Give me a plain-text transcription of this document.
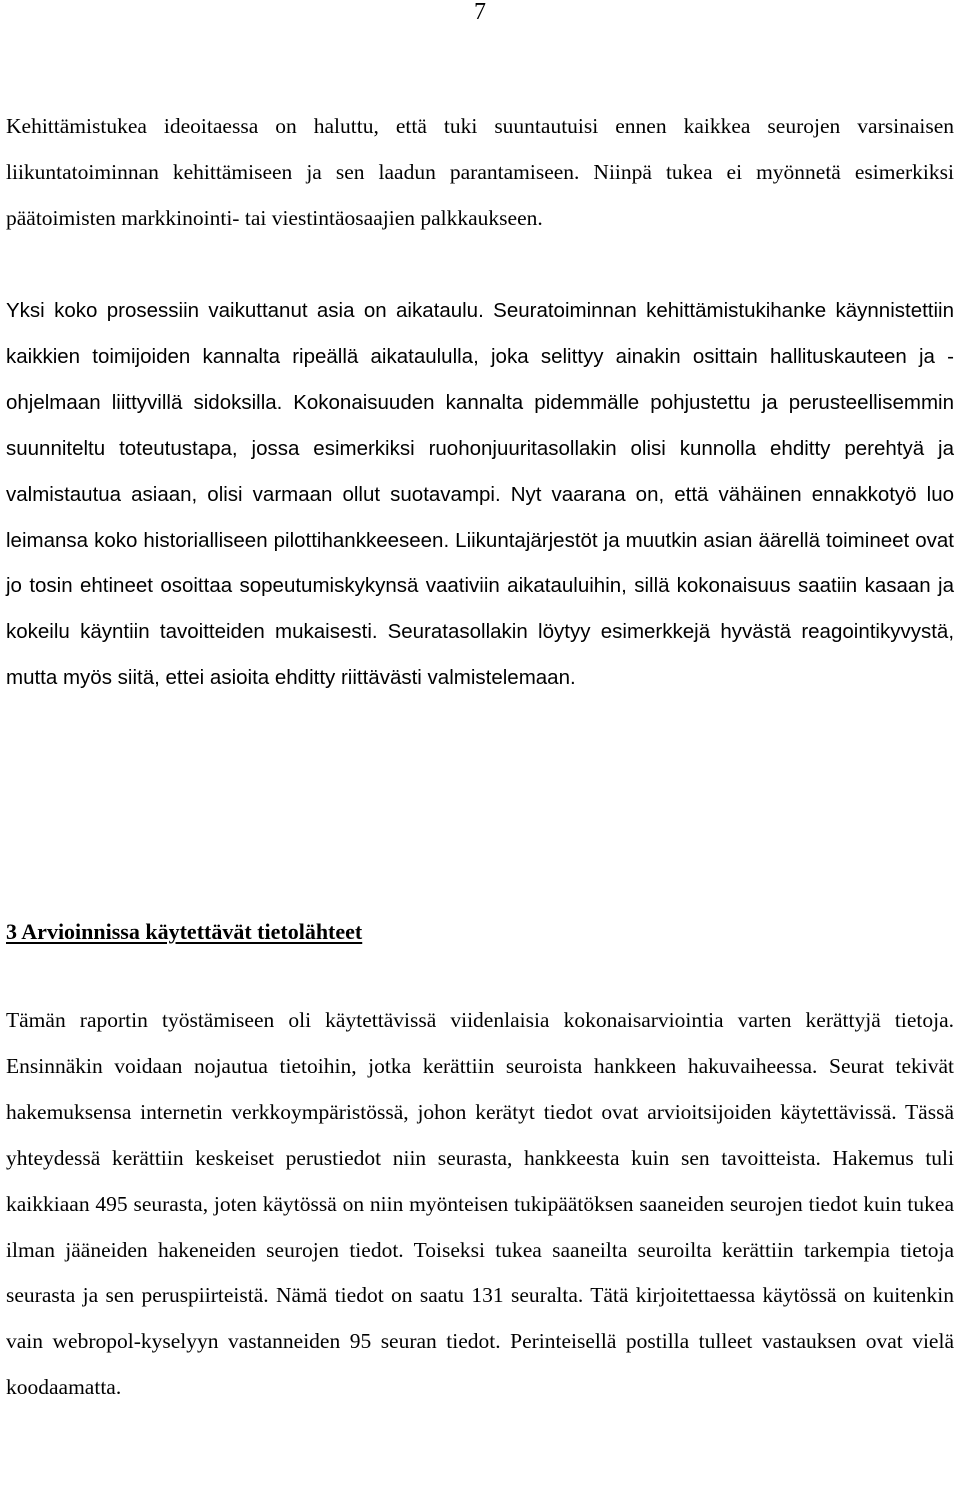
7

Kehittämistukea ideoitaessa on haluttu, että tuki suuntautuisi ennen kaikkea seurojen varsinaisen liikuntatoiminnan kehittämiseen ja sen laadun parantamiseen. Niinpä tukea ei myönnetä esimerkiksi päätoimisten markkinointi- tai viestintäosaajien palkkaukseen.

Yksi koko prosessiin vaikuttanut asia on aikataulu. Seuratoiminnan kehittämistukihanke käynnistettiin kaikkien toimijoiden kannalta ripeällä aikataululla, joka selittyy ainakin osittain hallituskauteen ja -ohjelmaan liittyvillä sidoksilla. Kokonaisuuden kannalta pidemmälle pohjustettu ja perusteellisemmin suunniteltu toteutustapa, jossa esimerkiksi ruohonjuuritasollakin olisi kunnolla ehditty perehtyä ja valmistautua asiaan, olisi varmaan ollut suotavampi. Nyt vaarana on, että vähäinen ennakkotyö luo leimansa koko historialliseen pilottihankkeeseen. Liikuntajärjestöt ja muutkin asian äärellä toimineet ovat jo tosin ehtineet osoittaa sopeutumiskykynsä vaativiin aikatauluihin, sillä kokonaisuus saatiin kasaan ja kokeilu käyntiin tavoitteiden mukaisesti. Seuratasollakin löytyy esimerkkejä hyvästä reagointikyvystä, mutta myös siitä, ettei asioita ehditty riittävästi valmistelemaan.

3 Arvioinnissa käytettävät tietolähteet

Tämän raportin työstämiseen oli käytettävissä viidenlaisia kokonaisarviointia varten kerättyjä tietoja. Ensinnäkin voidaan nojautua tietoihin, jotka kerättiin seuroista hankkeen hakuvaiheessa. Seurat tekivät hakemuksensa internetin verkkoympäristössä, johon kerätyt tiedot ovat arvioitsijoiden käytettävissä. Tässä yhteydessä kerättiin keskeiset perustiedot niin seurasta, hankkeesta kuin sen tavoitteista. Hakemus tuli kaikkiaan 495 seurasta, joten käytössä on niin myönteisen tukipäätöksen saaneiden seurojen tiedot kuin tukea ilman jääneiden hakeneiden seurojen tiedot. Toiseksi tukea saaneilta seuroilta kerättiin tarkempia tietoja seurasta ja sen peruspiirteistä. Nämä tiedot on saatu 131 seuralta. Tätä kirjoitettaessa käytössä on kuitenkin vain webropol-kyselyyn vastanneiden 95 seuran tiedot. Perinteisellä postilla tulleet vastauksen ovat vielä koodaamatta.
